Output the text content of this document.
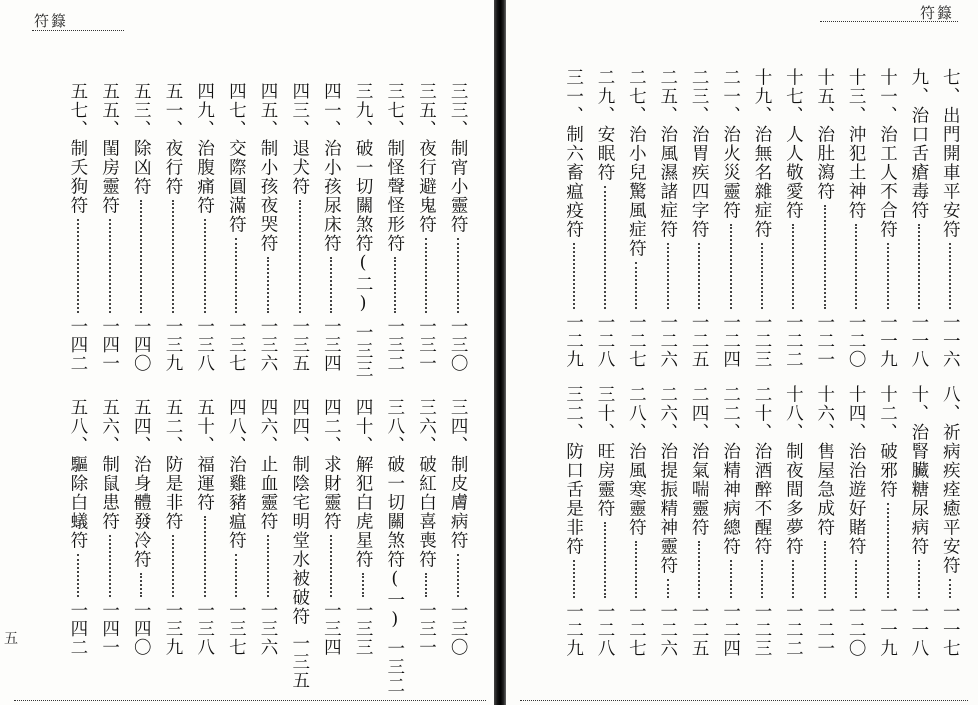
符籙
三三、制宵小靈符
一三〇
三五、夜行避鬼符
一三一
三七、制怪聲怪形符
一三二
三九、破一切關煞符(二)
一三三
四一、治小孩尿床符
一三四
四三、退犬符
一三五
四五、制小孩夜哭符
一三六
四七、交際圓滿符
一三七
四九、治腹痛符
一三八
五一、夜行符
一三九
五三、除凶符
一四〇
五五、閨房靈符
一四一
五七、制夭狗符
一四二
三四、制皮膚病符
一三〇
三六、破紅白喜喪符
一三一
三八、破一切關煞符(一)
一三二
四十、解犯白虎星符
一三三
四二、求財靈符
一三四
四四、制陰宅明堂水被破符
一三五
四六、止血靈符
一三六
四八、治雞豬瘟符
一三七
五十、福運符
一三八
五二、防是非符
一三九
五四、治身體發冷符
一四〇
五六、制鼠患符
一四一
五八、驅除白蟻符
一四二
五
符籙
七、出門開車平安符
一一六
九、治口舌瘡毒符
一一八
十一、治工人不合符
一一九
十三、沖犯土神符
一二〇
十五、治肚瀉符
一二一
十七、人人敬愛符
一二二
十九、治無名雜症符
一二三
二一、治火災靈符
一二四
二三、治胃疾四字符
一二五
二五、治風濕諸症符
一二六
二七、治小兒驚風症符
一二七
二九、安眠符
一二八
三一、制六畜瘟疫符
一二九
八、祈病疾痊癒平安符
一一七
十、治腎臟糖尿病符
一一八
十二、破邪符
一一九
十四、治治遊好賭符
一二〇
十六、售屋急成符
一二一
十八、制夜間多夢符
一二二
二十、治酒醉不醒符
一二三
二二、治精神病總符
一二四
二四、治氣喘靈符
一二五
二六、治提振精神靈符
一二六
二八、治風寒靈符
一二七
三十、旺房靈符
一二八
三二、防口舌是非符
一二九
